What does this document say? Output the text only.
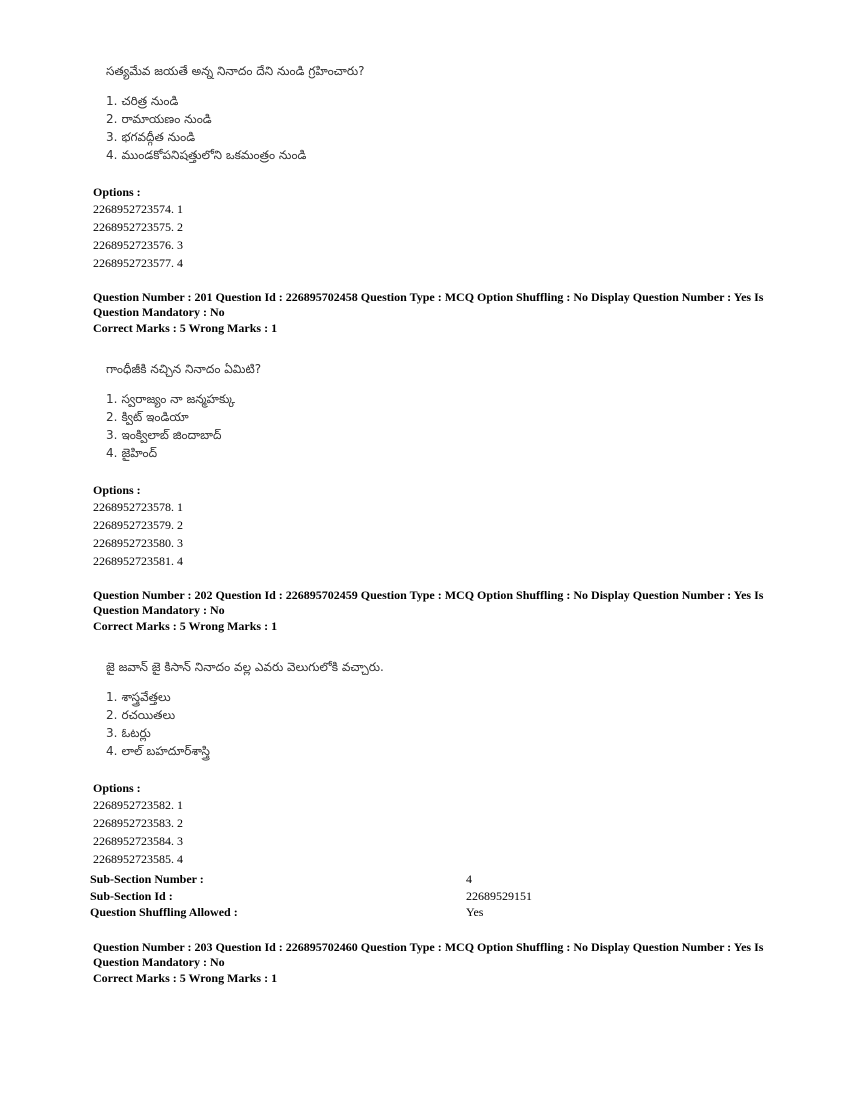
సత్యమేవ జయతే అన్న నినాదం దేని నుండి గ్రహించారు?
1. చరిత్ర నుండి
2. రామాయణం నుండి
3. భగవద్గీత నుండి
4. ముండకోపనిషత్తులోని ఒకమంత్రం నుండి
Options :
2268952723574. 1
2268952723575. 2
2268952723576. 3
2268952723577. 4
Question Number : 201 Question Id : 226895702458 Question Type : MCQ Option Shuffling : No Display Question Number : Yes Is
Question Mandatory : No
Correct Marks : 5 Wrong Marks : 1
గాంధీజీకి నచ్చిన నినాదం ఏమిటి?
1. స్వరాజ్యం నా జన్మహక్కు
2. క్విట్ ఇండియా
3. ఇంక్విలాబ్ జిందాబాద్
4. జైహింద్
Options :
2268952723578. 1
2268952723579. 2
2268952723580. 3
2268952723581. 4
Question Number : 202 Question Id : 226895702459 Question Type : MCQ Option Shuffling : No Display Question Number : Yes Is
Question Mandatory : No
Correct Marks : 5 Wrong Marks : 1
జై జవాన్ జై కిసాన్ నినాదం వల్ల ఎవరు వెలుగులోకి వచ్చారు.
1. శాస్త్రవేత్తలు
2. రచయితలు
3. ఓటర్లు
4. లాల్ బహదూర్‌శాస్త్రి
Options :
2268952723582. 1
2268952723583. 2
2268952723584. 3
2268952723585. 4
Sub-Section Number :	4
Sub-Section Id :	22689529151
Question Shuffling Allowed :	Yes
Question Number : 203 Question Id : 226895702460 Question Type : MCQ Option Shuffling : No Display Question Number : Yes Is
Question Mandatory : No
Correct Marks : 5 Wrong Marks : 1
